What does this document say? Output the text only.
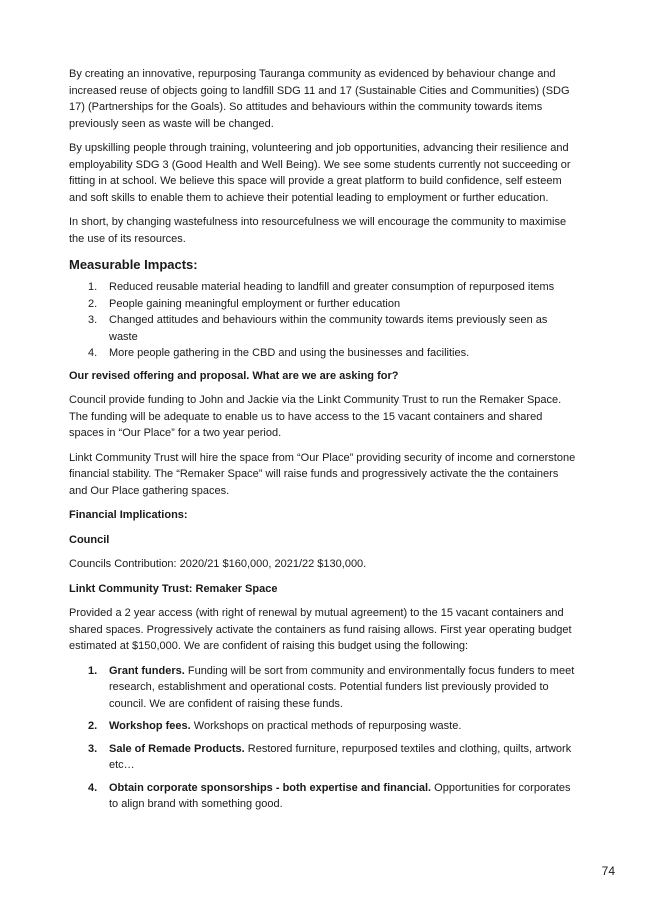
By creating an innovative, repurposing Tauranga community as evidenced by behaviour change and increased reuse of objects going to landfill SDG 11 and 17 (Sustainable Cities and Communities) (SDG 17) (Partnerships for the Goals). So attitudes and behaviours within the community towards items previously seen as waste will be changed.

By upskilling people through training, volunteering and job opportunities, advancing their resilience and employability SDG 3 (Good Health and Well Being). We see some students currently not succeeding or fitting in at school. We believe this space will provide a great platform to build confidence, self esteem and soft skills to enable them to achieve their potential leading to employment or further education.

In short, by changing wastefulness into resourcefulness we will encourage the community to maximise the use of its resources.

Measurable Impacts:
1. Reduced reusable material heading to landfill and greater consumption of repurposed items
2. People gaining meaningful employment or further education
3. Changed attitudes and behaviours within the community towards items previously seen as waste
4. More people gathering in the CBD and using the businesses and facilities.

Our revised offering and proposal. What are we are asking for?

Council provide funding to John and Jackie via the Linkt Community Trust to run the Remaker Space. The funding will be adequate to enable us to have access to the 15 vacant containers and shared spaces in “Our Place” for a two year period.

Linkt Community Trust will hire the space from “Our Place” providing security of income and cornerstone financial stability. The “Remaker Space” will raise funds and progressively activate the the containers and Our Place gathering spaces.

Financial Implications:

Council

Councils Contribution: 2020/21 $160,000, 2021/22 $130,000.

Linkt Community Trust: Remaker Space

Provided a 2 year access (with right of renewal by mutual agreement) to the 15 vacant containers and shared spaces. Progressively activate the containers as fund raising allows. First year operating budget estimated at $150,000. We are confident of raising this budget using the following:

1. Grant funders. Funding will be sort from community and environmentally focus funders to meet research, establishment and operational costs. Potential funders list previously provided to council. We are confident of raising these funds.
2. Workshop fees. Workshops on practical methods of repurposing waste.
3. Sale of Remade Products. Restored furniture, repurposed textiles and clothing, quilts, artwork etc…
4. Obtain corporate sponsorships - both expertise and financial. Opportunities for corporates to align brand with something good.
74
